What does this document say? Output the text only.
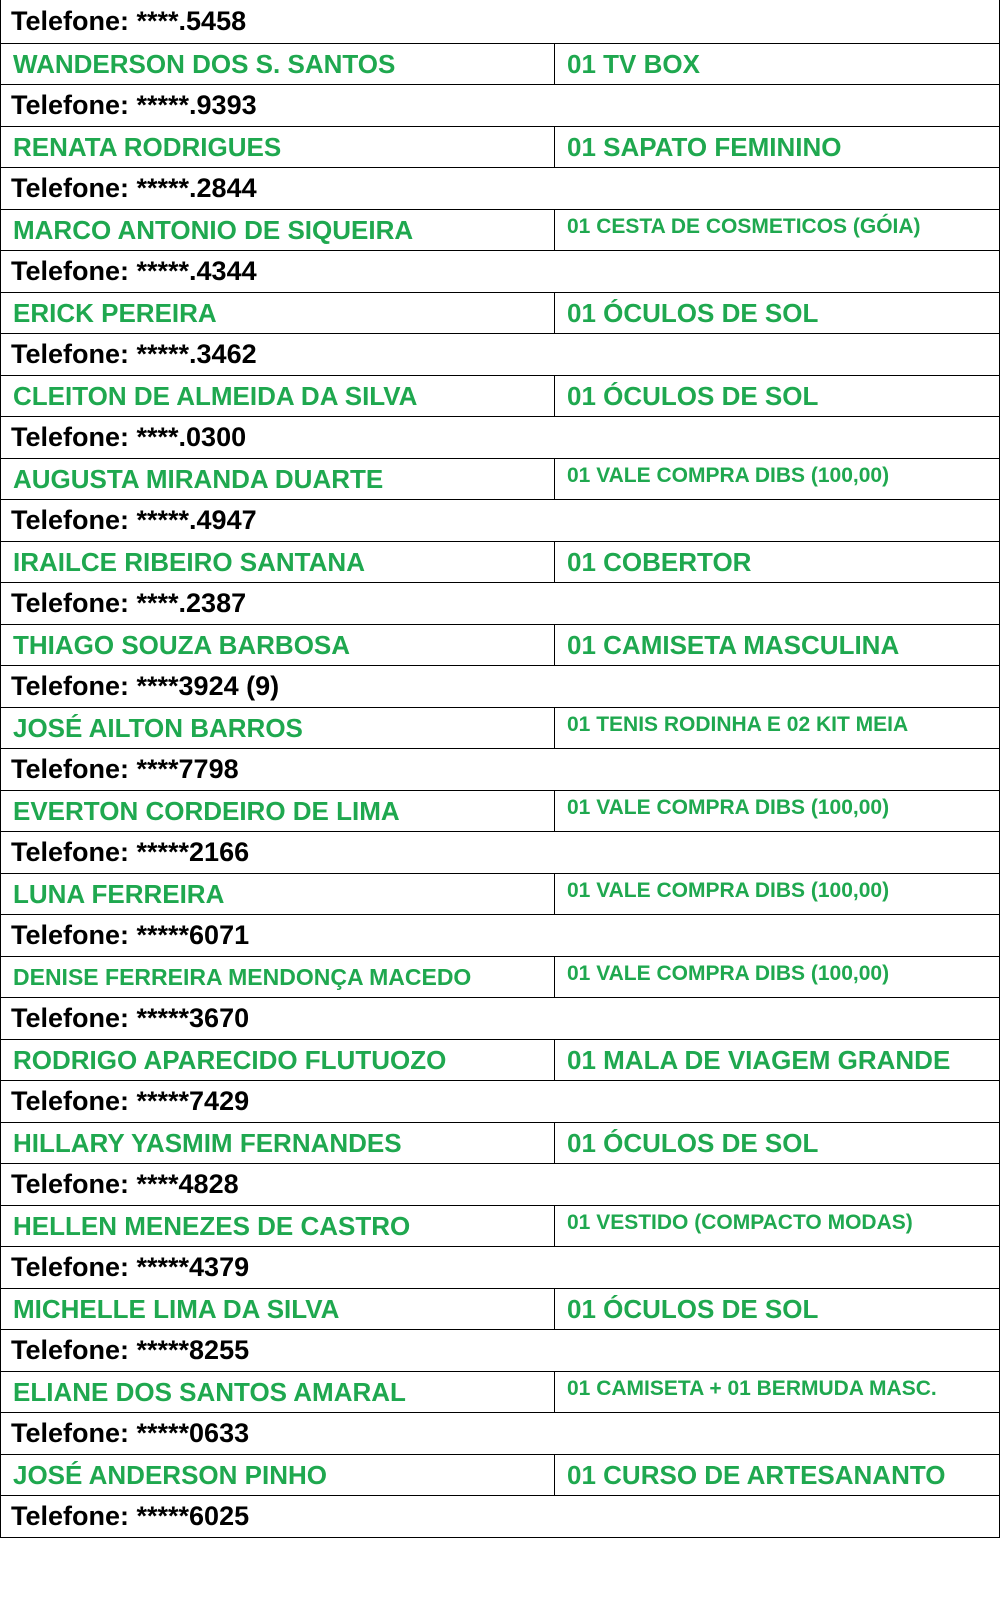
Telefone: ****.5458
WANDERSON DOS S. SANTOS	01 TV BOX
Telefone: *****.9393
RENATA RODRIGUES	01 SAPATO FEMININO
Telefone: *****.2844
MARCO ANTONIO DE SIQUEIRA	01 CESTA DE COSMETICOS (GÓIA)
Telefone: *****.4344
ERICK PEREIRA	01 ÓCULOS DE SOL
Telefone: *****.3462
CLEITON DE ALMEIDA DA SILVA	01 ÓCULOS DE SOL
Telefone: ****.0300
AUGUSTA MIRANDA DUARTE	01 VALE COMPRA DIBS (100,00)
Telefone: *****.4947
IRAILCE RIBEIRO SANTANA	01 COBERTOR
Telefone: ****.2387
THIAGO SOUZA BARBOSA	01 CAMISETA MASCULINA
Telefone: ****3924 (9)
JOSÉ AILTON BARROS	01 TENIS RODINHA E 02 KIT MEIA
Telefone: ****7798
EVERTON CORDEIRO DE LIMA	01 VALE COMPRA DIBS (100,00)
Telefone: *****2166
LUNA FERREIRA	01 VALE COMPRA DIBS (100,00)
Telefone: *****6071
DENISE FERREIRA MENDONÇA MACEDO	01 VALE COMPRA DIBS (100,00)
Telefone: *****3670
RODRIGO APARECIDO FLUTUOZO	01 MALA DE VIAGEM GRANDE
Telefone: *****7429
HILLARY YASMIM FERNANDES	01 ÓCULOS DE SOL
Telefone: ****4828
HELLEN MENEZES DE CASTRO	01 VESTIDO (COMPACTO MODAS)
Telefone: *****4379
MICHELLE LIMA DA SILVA	01 ÓCULOS DE SOL
Telefone: *****8255
ELIANE DOS SANTOS AMARAL	01 CAMISETA + 01 BERMUDA MASC.
Telefone: *****0633
JOSÉ ANDERSON PINHO	01 CURSO DE ARTESANANTO
Telefone: *****6025
